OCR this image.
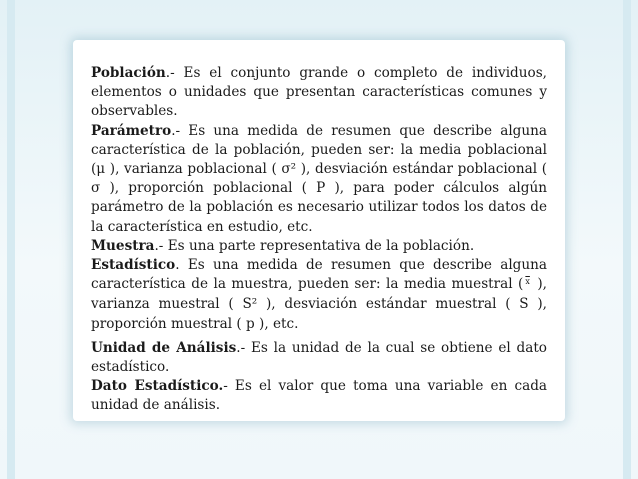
Población.- Es el conjunto grande o completo de individuos, elementos o unidades que presentan características comunes y observables.

Parámetro.- Es una medida de resumen que describe alguna característica de la población, pueden ser: la media poblacional (μ ), varianza poblacional ( σ² ), desviación estándar poblacional ( σ ), proporción poblacional ( P ), para poder cálculos algún parámetro de la población es necesario utilizar todos los datos de la característica en estudio, etc.

Muestra.- Es una parte representativa de la población.

Estadístico. Es una medida de resumen que describe alguna característica de la muestra, pueden ser: la media muestral ( $^{\overline{x}}$ ), varianza muestral ( S² ), desviación estándar muestral ( S ), proporción muestral ( p ), etc.

Unidad de Análisis.- Es la unidad de la cual se obtiene el dato estadístico.

Dato Estadístico.- Es el valor que toma una variable en cada unidad de análisis.
